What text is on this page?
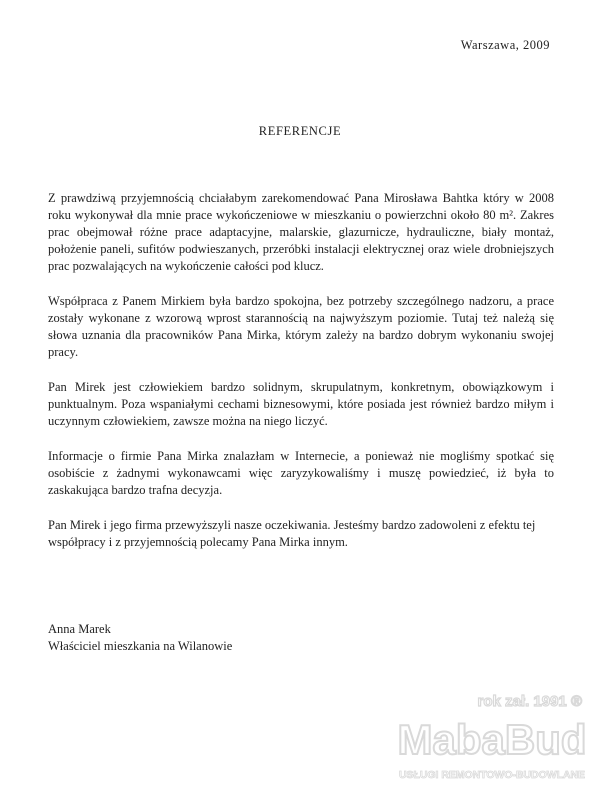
Warszawa, 2009
REFERENCJE

Z prawdziwą przyjemnością chciałabym zarekomendować Pana Mirosława Bahtka który w 2008 roku wykonywał dla mnie prace wykończeniowe w mieszkaniu o powierzchni około 80 m². Zakres prac obejmował różne prace adaptacyjne, malarskie, glazurnicze, hydrauliczne, biały montaż, położenie paneli, sufitów podwieszanych, przeróbki instalacji elektrycznej oraz wiele drobniejszych prac pozwalających na wykończenie całości pod klucz.

Współpraca z Panem Mirkiem była bardzo spokojna, bez potrzeby szczególnego nadzoru, a prace zostały wykonane z wzorową wprost starannością na najwyższym poziomie. Tutaj też należą się słowa uznania dla pracowników Pana Mirka, którym zależy na bardzo dobrym wykonaniu swojej pracy.

Pan Mirek jest człowiekiem bardzo solidnym, skrupulatnym, konkretnym, obowiązkowym i punktualnym. Poza wspaniałymi cechami biznesowymi, które posiada jest również bardzo miłym i uczynnym człowiekiem, zawsze można na niego liczyć.

Informacje o firmie Pana Mirka znalazłam w Internecie, a ponieważ nie mogliśmy spotkać się osobiście z żadnymi wykonawcami więc zaryzykowaliśmy i muszę powiedzieć, iż była to zaskakująca bardzo trafna decyzja.

Pan Mirek i jego firma przewyższyli nasze oczekiwania. Jesteśmy bardzo zadowoleni z efektu tej współpracy i z przyjemnością polecamy Pana Mirka innym.

Anna Marek
Właściciel mieszkania na Wilanowie
rok zał. 1991 ®
MabaBud
USŁUGI REMONTOWO-BUDOWLANE
